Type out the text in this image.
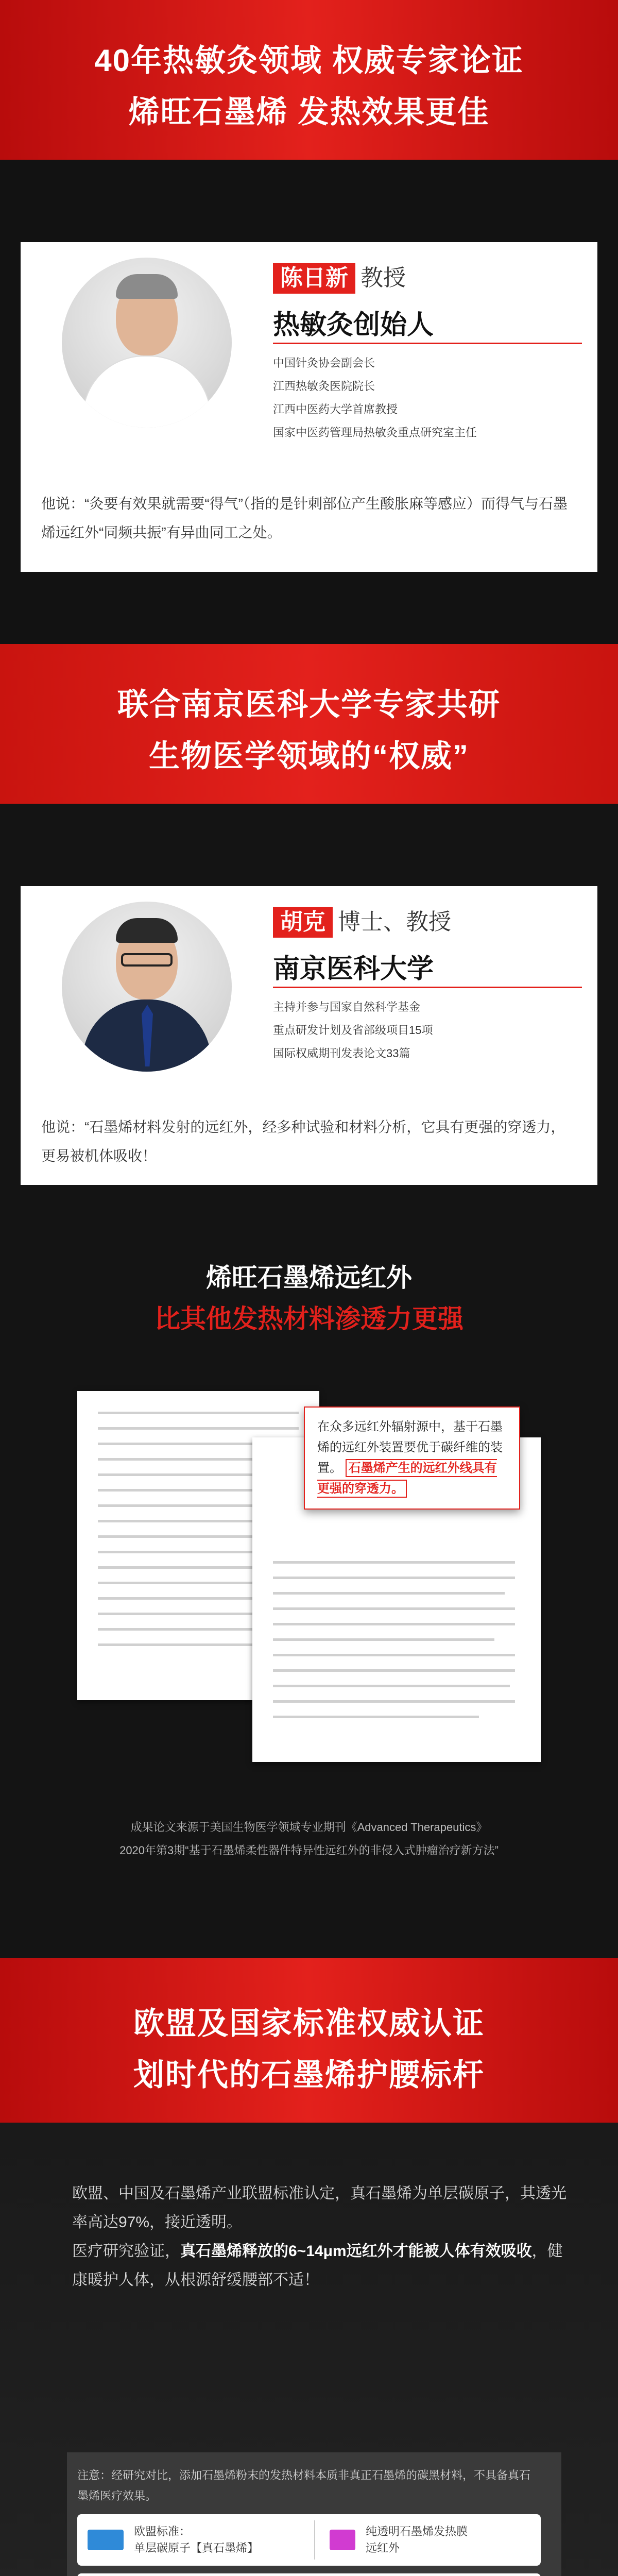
40年热敏灸领域 权威专家论证
烯旺石墨烯 发热效果更佳
陈日新 教授
热敏灸创始人
中国针灸协会副会长
江西热敏灸医院院长
江西中医药大学首席教授
国家中医药管理局热敏灸重点研究室主任
他说：“灸要有效果就需要“得气”（指的是针刺部位产生酸胀麻等感应）而得气与石墨烯远红外“同频共振”有异曲同工之处。
联合南京医科大学专家共研
生物医学领域的“权威”
胡克 博士、教授
南京医科大学
主持并参与国家自然科学基金
重点研发计划及省部级项目15项
国际权威期刊发表论文33篇
他说：“石墨烯材料发射的远红外，经多种试验和材料分析，它具有更强的穿透力，更易被机体吸收！
烯旺石墨烯远红外
比其他发热材料渗透力更强
在众多远红外辐射源中，基于石墨烯的远红外装置要优于碳纤维的装置。 石墨烯产生的远红外线具有更强的穿透力。
成果论文来源于美国生物医学领域专业期刊《Advanced Therapeutics》
2020年第3期“基于石墨烯柔性器件特异性远红外的非侵入式肿瘤治疗新方法”
欧盟及国家标准权威认证
划时代的石墨烯护腰标杆
欧盟、中国及石墨烯产业联盟标准认定，真石墨烯为单层碳原子，其透光率高达97%，接近透明。
医疗研究验证，真石墨烯释放的6~14μm远红外才能被人体有效吸收，健康暖护人体，从根源舒缓腰部不适！
注意：经研究对比，添加石墨烯粉末的发热材料本质非真正石墨烯的碳黑材料，不具备真石墨烯医疗效果。
欧盟标准：
单层碳原子【真石墨烯】
纯透明石墨烯发热膜
远红外
